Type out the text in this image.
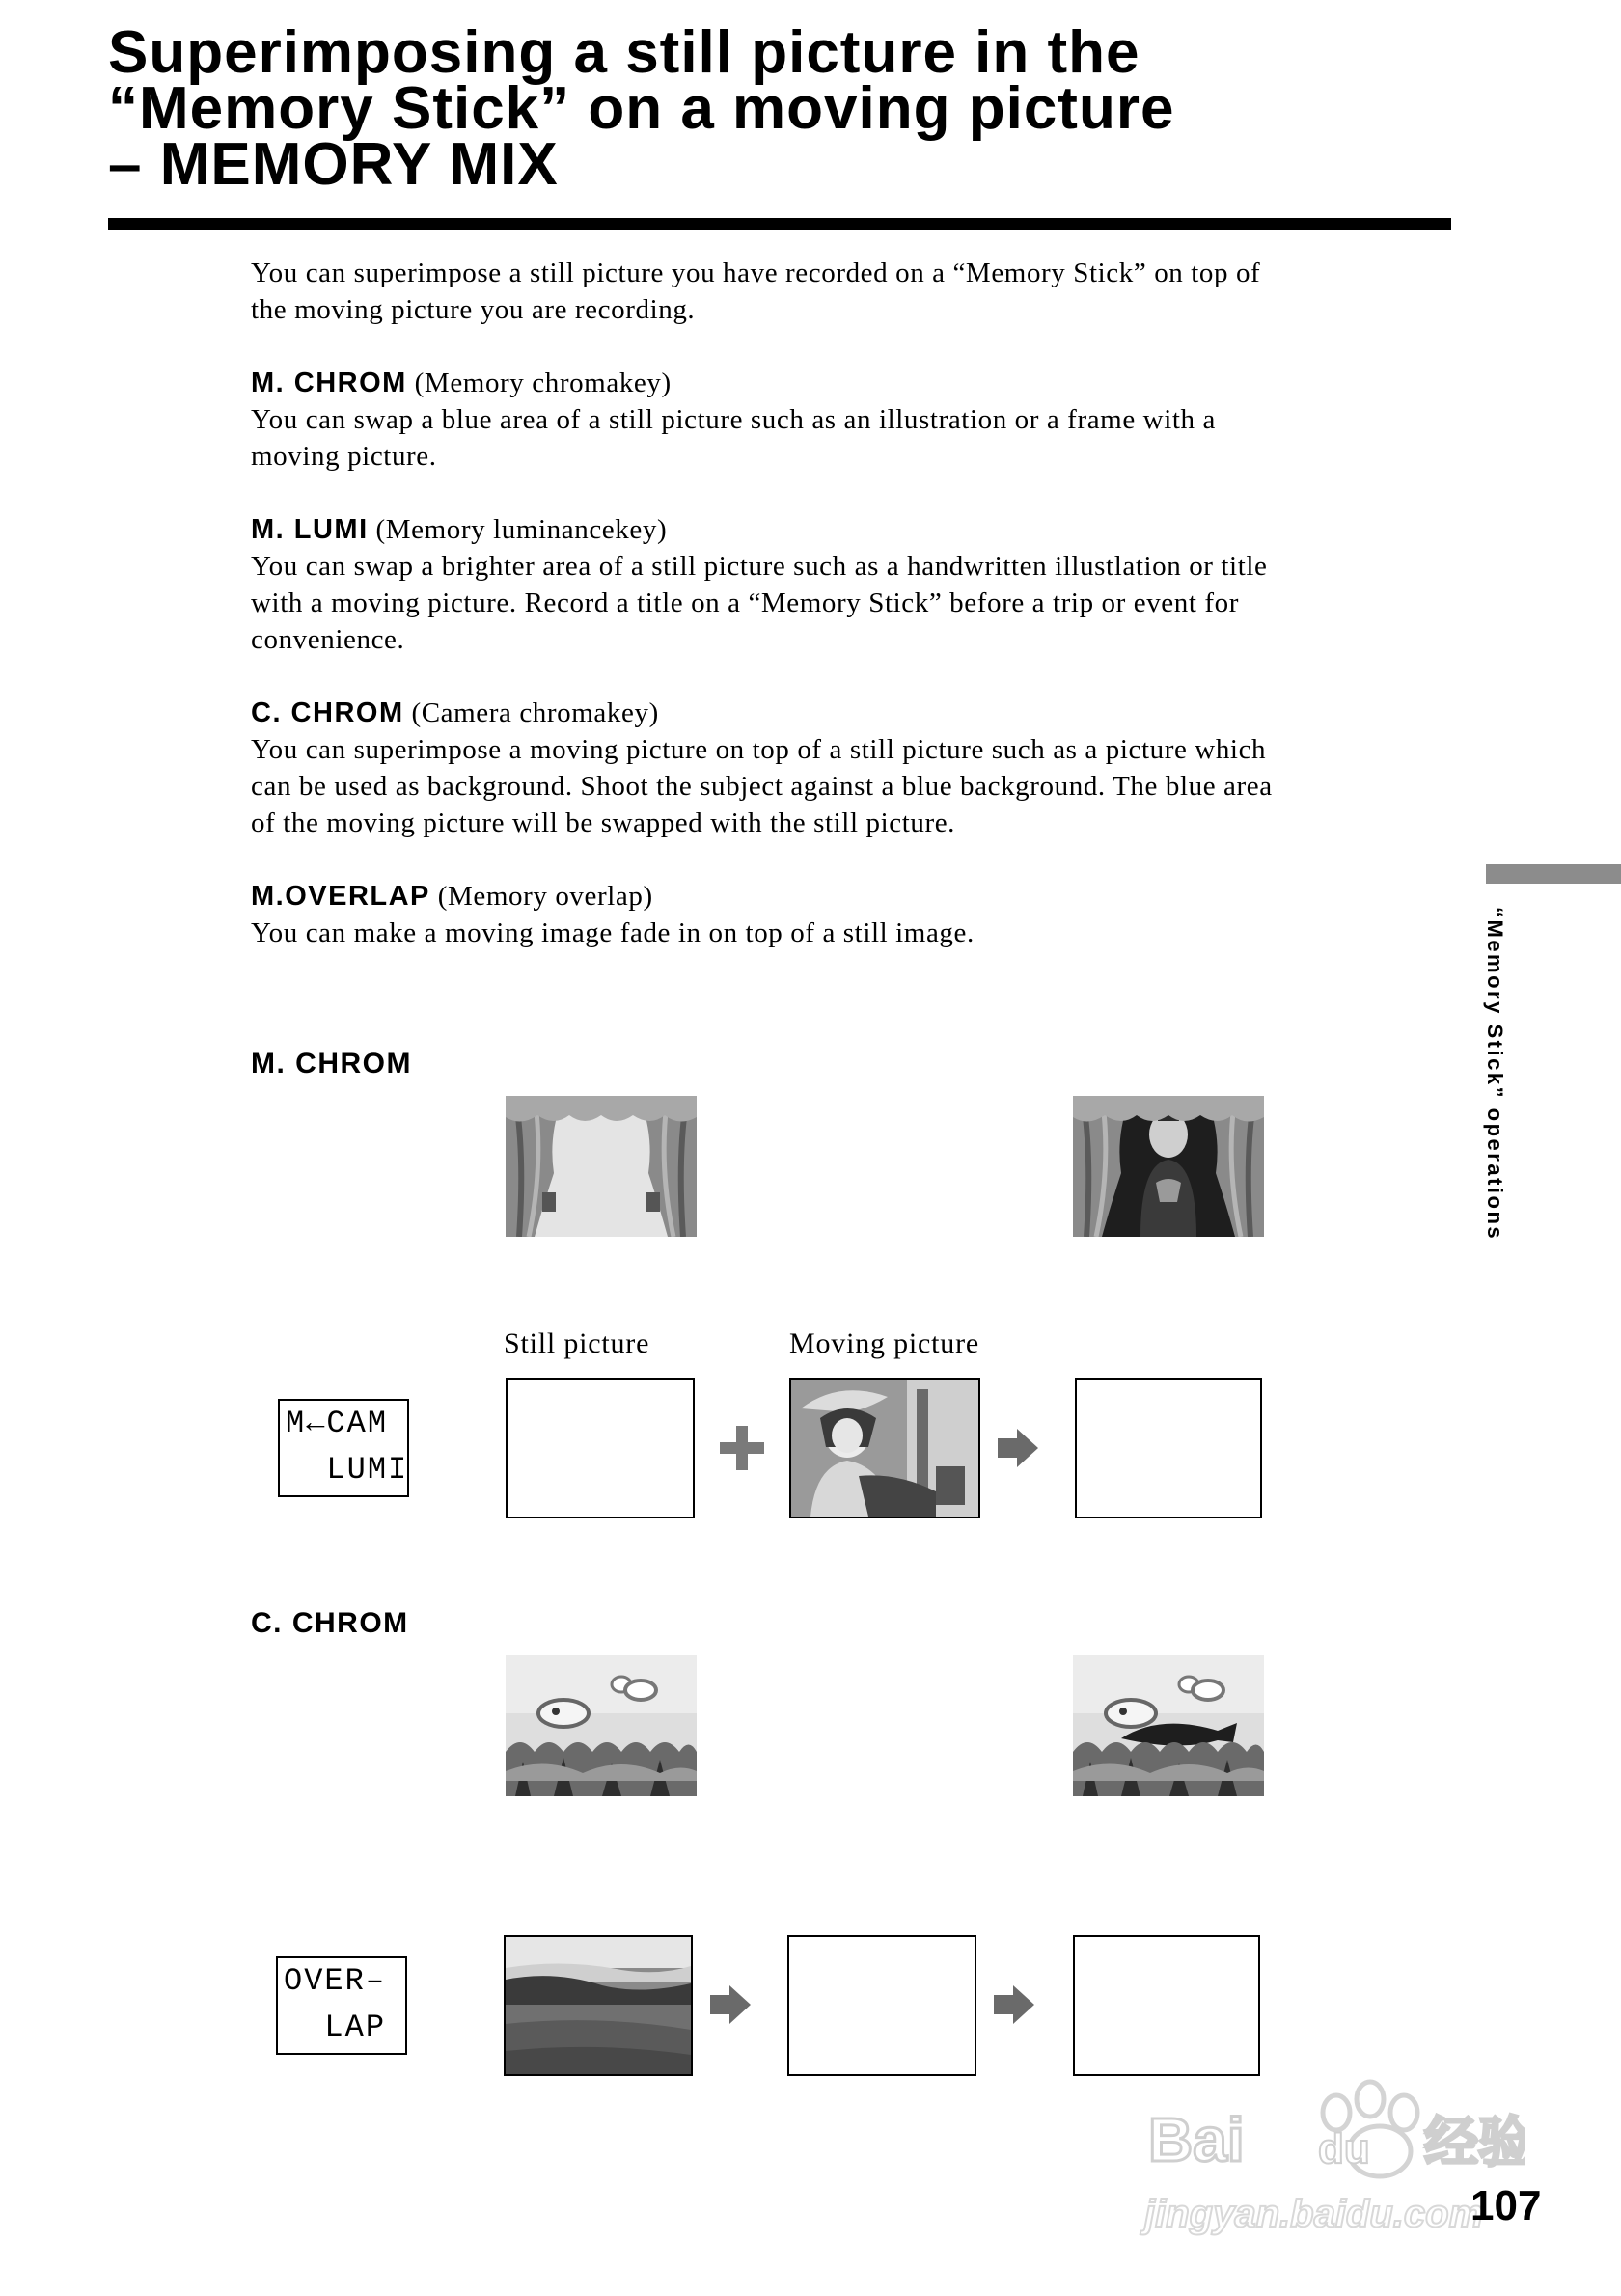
Superimposing a still picture in the
“Memory Stick” on a moving picture
– MEMORY MIX
You can superimpose a still picture you have recorded on a “Memory Stick” on top of
the moving picture you are recording.
M. CHROM (Memory chromakey)
You can swap a blue area of a still picture such as an illustration or a frame with a
moving picture.
M. LUMI (Memory luminancekey)
You can swap a brighter area of a still picture such as a handwritten illustlation or title
with a moving picture. Record a title on a “Memory Stick” before a trip or event for
convenience.
C. CHROM (Camera chromakey)
You can superimpose a moving picture on top of a still picture such as a picture which
can be used as background. Shoot the subject against a blue background. The blue area
of the moving picture will be swapped with the still picture.
M.OVERLAP (Memory overlap)
You can make a moving image fade in on top of a still image.
M. CHROM
Still picture	Moving picture
M←CAM
LUMI
C. CHROM
OVER–
LAP
“Memory Stick” operations
Bai du 经验
jingyan.baidu.com
107
